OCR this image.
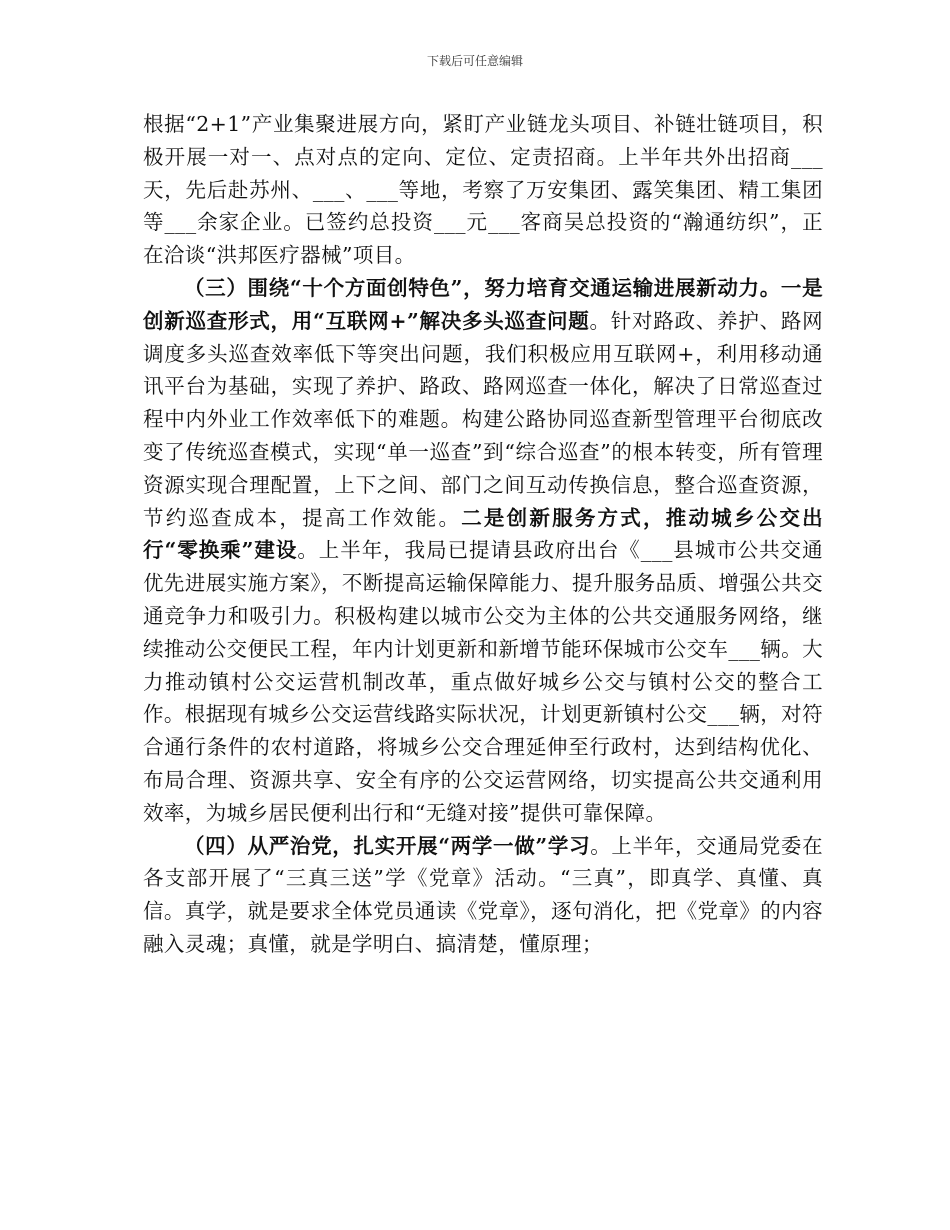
下载后可任意编辑

根据“2+1”产业集聚进展方向，紧盯产业链龙头项目、补链壮链项目，积极开展一对一、点对点的定向、定位、定责招商。上半年共外出招商___天，先后赴苏州、___、___等地，考察了万安集团、露笑集团、精工集团等___余家企业。已签约总投资___元___客商吴总投资的“瀚通纺织”，正在洽谈“洪邦医疗器械”项目。

（三）围绕“十个方面创特色”，努力培育交通运输进展新动力。一是创新巡查形式，用“互联网+”解决多头巡查问题。针对路政、养护、路网调度多头巡查效率低下等突出问题，我们积极应用互联网+，利用移动通讯平台为基础，实现了养护、路政、路网巡查一体化，解决了日常巡查过程中内外业工作效率低下的难题。构建公路协同巡查新型管理平台彻底改变了传统巡查模式，实现“单一巡查”到“综合巡查”的根本转变，所有管理资源实现合理配置，上下之间、部门之间互动传换信息，整合巡查资源，节约巡查成本，提高工作效能。二是创新服务方式，推动城乡公交出行“零换乘”建设。上半年，我局已提请县政府出台《___县城市公共交通优先进展实施方案》，不断提高运输保障能力、提升服务品质、增强公共交通竞争力和吸引力。积极构建以城市公交为主体的公共交通服务网络，继续推动公交便民工程，年内计划更新和新增节能环保城市公交车___辆。大力推动镇村公交运营机制改革，重点做好城乡公交与镇村公交的整合工作。根据现有城乡公交运营线路实际状况，计划更新镇村公交___辆，对符合通行条件的农村道路，将城乡公交合理延伸至行政村，达到结构优化、布局合理、资源共享、安全有序的公交运营网络，切实提高公共交通利用效率，为城乡居民便利出行和“无缝对接”提供可靠保障。

（四）从严治党，扎实开展“两学一做”学习。上半年，交通局党委在各支部开展了“三真三送”学《党章》活动。“三真”，即真学、真懂、真信。真学，就是要求全体党员通读《党章》，逐句消化，把《党章》的内容融入灵魂；真懂，就是学明白、搞清楚，懂原理；
